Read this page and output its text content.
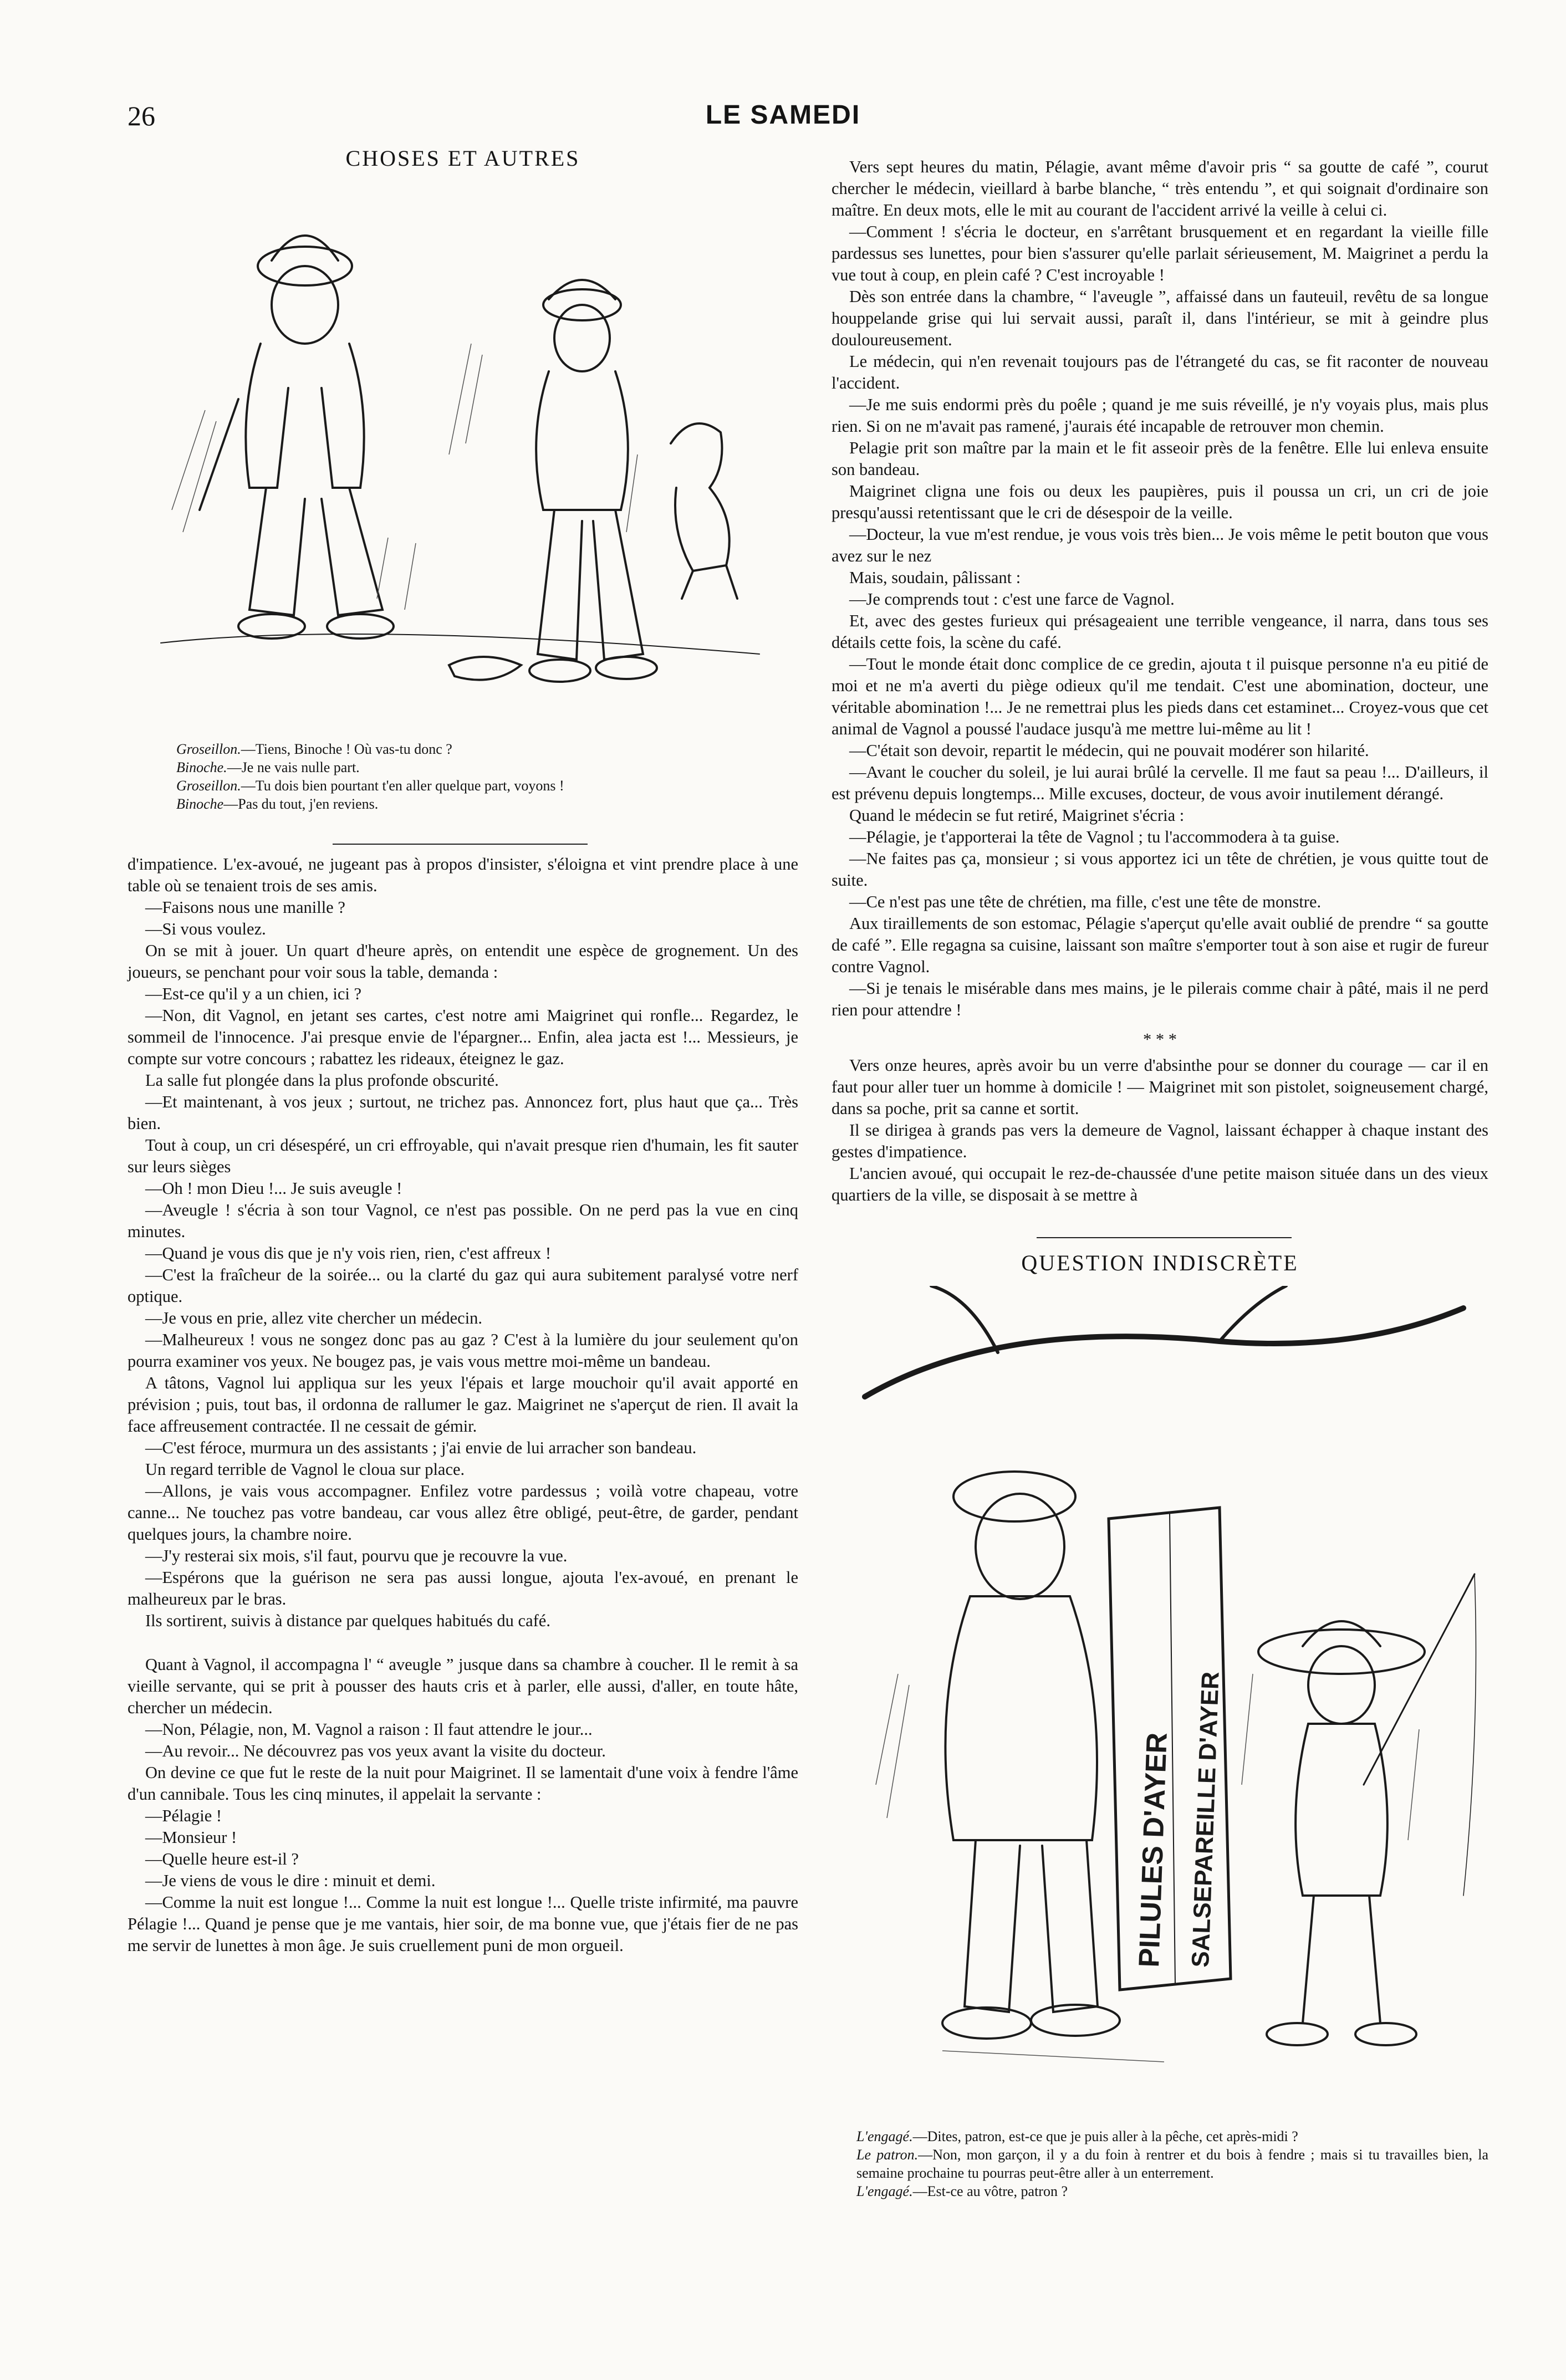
26	LE SAMEDI
CHOSES ET AUTRES

Groseillon.—Tiens, Binoche ! Où vas-tu donc ?

Binoche.—Je ne vais nulle part.

Groseillon.—Tu dois bien pourtant t'en aller quelque part, voyons !

Binoche—Pas du tout, j'en reviens.

d'impatience. L'ex-avoué, ne jugeant pas à propos d'insister, s'éloigna et vint prendre place à une table où se tenaient trois de ses amis.

—Faisons nous une manille ?

—Si vous voulez.

On se mit à jouer. Un quart d'heure après, on entendit une espèce de grognement. Un des joueurs, se penchant pour voir sous la table, demanda :

—Est-ce qu'il y a un chien, ici ?

—Non, dit Vagnol, en jetant ses cartes, c'est notre ami Maigrinet qui ronfle... Regardez, le sommeil de l'innocence. J'ai presque envie de l'épargner... Enfin, alea jacta est !... Messieurs, je compte sur votre concours ; rabattez les rideaux, éteignez le gaz.

La salle fut plongée dans la plus profonde obscurité.

—Et maintenant, à vos jeux ; surtout, ne trichez pas. Annoncez fort, plus haut que ça... Très bien.

Tout à coup, un cri désespéré, un cri effroyable, qui n'avait presque rien d'humain, les fit sauter sur leurs sièges

—Oh ! mon Dieu !... Je suis aveugle !

—Aveugle ! s'écria à son tour Vagnol, ce n'est pas possible. On ne perd pas la vue en cinq minutes.

—Quand je vous dis que je n'y vois rien, rien, c'est affreux !

—C'est la fraîcheur de la soirée... ou la clarté du gaz qui aura subitement paralysé votre nerf optique.

—Je vous en prie, allez vite chercher un médecin.

—Malheureux ! vous ne songez donc pas au gaz ? C'est à la lumière du jour seulement qu'on pourra examiner vos yeux. Ne bougez pas, je vais vous mettre moi-même un bandeau.

A tâtons, Vagnol lui appliqua sur les yeux l'épais et large mouchoir qu'il avait apporté en prévision ; puis, tout bas, il ordonna de rallumer le gaz. Maigrinet ne s'aperçut de rien. Il avait la face affreusement contractée. Il ne cessait de gémir.

—C'est féroce, murmura un des assistants ; j'ai envie de lui arracher son bandeau.

Un regard terrible de Vagnol le cloua sur place.

—Allons, je vais vous accompagner. Enfilez votre pardessus ; voilà votre chapeau, votre canne... Ne touchez pas votre bandeau, car vous allez être obligé, peut-être, de garder, pendant quelques jours, la chambre noire.

—J'y resterai six mois, s'il faut, pourvu que je recouvre la vue.

—Espérons que la guérison ne sera pas aussi longue, ajouta l'ex-avoué, en prenant le malheureux par le bras.

Ils sortirent, suivis à distance par quelques habitués du café.

Quant à Vagnol, il accompagna l' “ aveugle ” jusque dans sa chambre à coucher. Il le remit à sa vieille servante, qui se prit à pousser des hauts cris et à parler, elle aussi, d'aller, en toute hâte, chercher un médecin.

—Non, Pélagie, non, M. Vagnol a raison : Il faut attendre le jour...

—Au revoir... Ne découvrez pas vos yeux avant la visite du docteur.

On devine ce que fut le reste de la nuit pour Maigrinet. Il se lamentait d'une voix à fendre l'âme d'un cannibale. Tous les cinq minutes, il appelait la servante :

—Pélagie !

—Monsieur !

—Quelle heure est-il ?

—Je viens de vous le dire : minuit et demi.

—Comme la nuit est longue !... Comme la nuit est longue !... Quelle triste infirmité, ma pauvre Pélagie !... Quand je pense que je me vantais, hier soir, de ma bonne vue, que j'étais fier de ne pas me servir de lunettes à mon âge. Je suis cruellement puni de mon orgueil.

Vers sept heures du matin, Pélagie, avant même d'avoir pris “ sa goutte de café ”, courut chercher le médecin, vieillard à barbe blanche, “ très entendu ”, et qui soignait d'ordinaire son maître. En deux mots, elle le mit au courant de l'accident arrivé la veille à celui ci.

—Comment ! s'écria le docteur, en s'arrêtant brusquement et en regardant la vieille fille pardessus ses lunettes, pour bien s'assurer qu'elle parlait sérieusement, M. Maigrinet a perdu la vue tout à coup, en plein café ? C'est incroyable !

Dès son entrée dans la chambre, “ l'aveugle ”, affaissé dans un fauteuil, revêtu de sa longue houppelande grise qui lui servait aussi, paraît il, dans l'intérieur, se mit à geindre plus douloureusement.

Le médecin, qui n'en revenait toujours pas de l'étrangeté du cas, se fit raconter de nouveau l'accident.

—Je me suis endormi près du poêle ; quand je me suis réveillé, je n'y voyais plus, mais plus rien. Si on ne m'avait pas ramené, j'aurais été incapable de retrouver mon chemin.

Pelagie prit son maître par la main et le fit asseoir près de la fenêtre. Elle lui enleva ensuite son bandeau.

Maigrinet cligna une fois ou deux les paupières, puis il poussa un cri, un cri de joie presqu'aussi retentissant que le cri de désespoir de la veille.

—Docteur, la vue m'est rendue, je vous vois très bien... Je vois même le petit bouton que vous avez sur le nez

Mais, soudain, pâlissant :

—Je comprends tout : c'est une farce de Vagnol.

Et, avec des gestes furieux qui présageaient une terrible vengeance, il narra, dans tous ses détails cette fois, la scène du café.

—Tout le monde était donc complice de ce gredin, ajouta t il puisque personne n'a eu pitié de moi et ne m'a averti du piège odieux qu'il me tendait. C'est une abomination, docteur, une véritable abomination !... Je ne remettrai plus les pieds dans cet estaminet... Croyez-vous que cet animal de Vagnol a poussé l'audace jusqu'à me mettre lui-même au lit !

—C'était son devoir, repartit le médecin, qui ne pouvait modérer son hilarité.

—Avant le coucher du soleil, je lui aurai brûlé la cervelle. Il me faut sa peau !... D'ailleurs, il est prévenu depuis longtemps... Mille excuses, docteur, de vous avoir inutilement dérangé.

Quand le médecin se fut retiré, Maigrinet s'écria :

—Pélagie, je t'apporterai la tête de Vagnol ; tu l'accommodera à ta guise.

—Ne faites pas ça, monsieur ; si vous apportez ici un tête de chrétien, je vous quitte tout de suite.

—Ce n'est pas une tête de chrétien, ma fille, c'est une tête de monstre.

Aux tiraillements de son estomac, Pélagie s'aperçut qu'elle avait oublié de prendre “ sa goutte de café ”. Elle regagna sa cuisine, laissant son maître s'emporter tout à son aise et rugir de fureur contre Vagnol.

—Si je tenais le misérable dans mes mains, je le pilerais comme chair à pâté, mais il ne perd rien pour attendre !

* * *

Vers onze heures, après avoir bu un verre d'absinthe pour se donner du courage — car il en faut pour aller tuer un homme à domicile ! — Maigrinet mit son pistolet, soigneusement chargé, dans sa poche, prit sa canne et sortit.

Il se dirigea à grands pas vers la demeure de Vagnol, laissant échapper à chaque instant des gestes d'impatience.

L'ancien avoué, qui occupait le rez-de-chaussée d'une petite maison située dans un des vieux quartiers de la ville, se disposait à se mettre à

QUESTION INDISCRÈTE
PILULES D'AYER SALSEPAREILLE D'AYER

L'engagé.—Dites, patron, est-ce que je puis aller à la pêche, cet après-midi ?

Le patron.—Non, mon garçon, il y a du foin à rentrer et du bois à fendre ; mais si tu travailles bien, la semaine prochaine tu pourras peut-être aller à un enterrement.

L'engagé.—Est-ce au vôtre, patron ?
